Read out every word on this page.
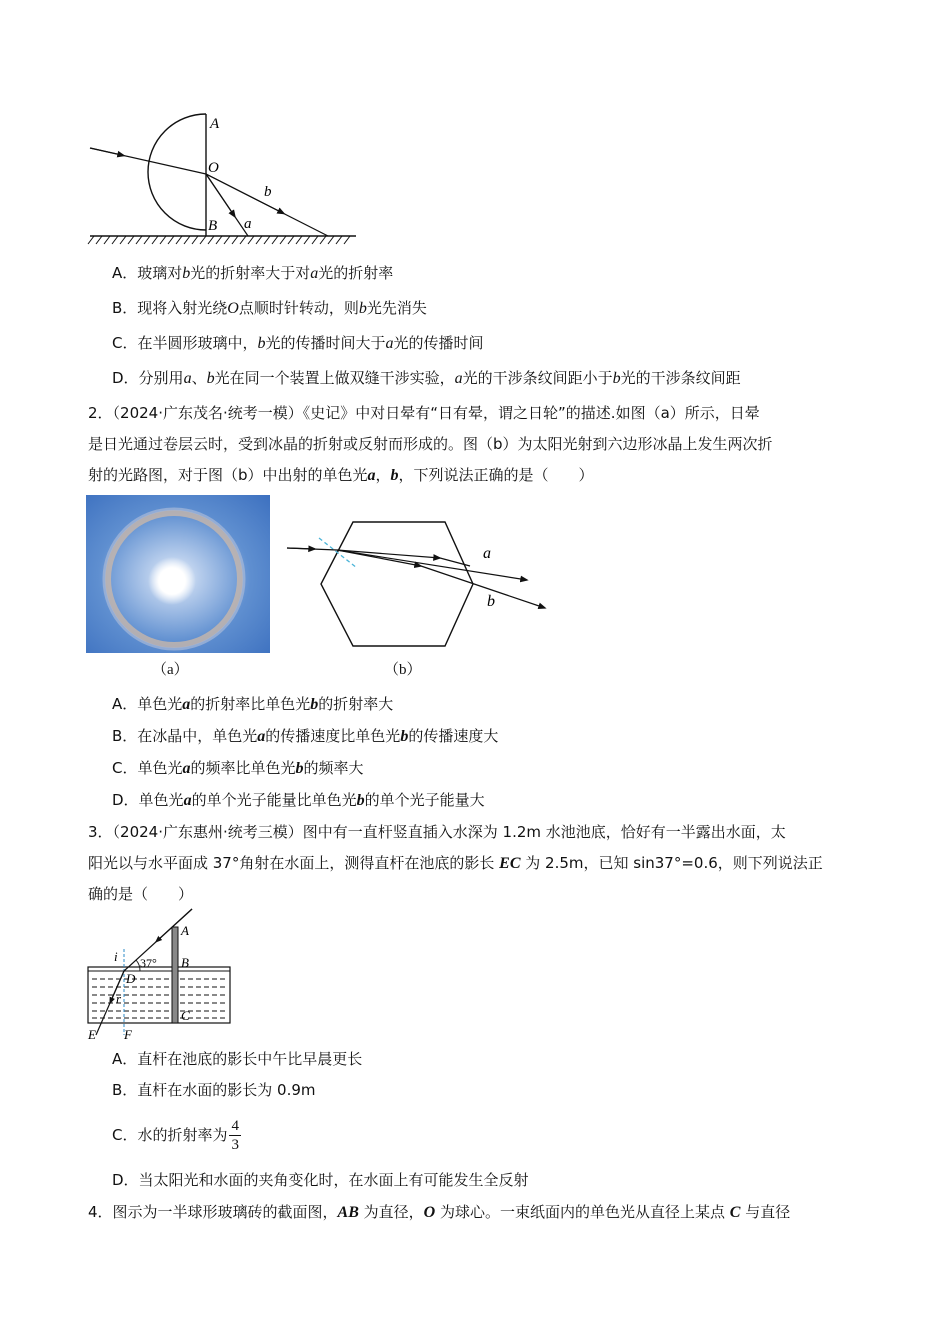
A
O
B a
b
A．玻璃对b光的折射率大于对a光的折射率
B．现将入射光绕O点顺时针转动，则b光先消失
C．在半圆形玻璃中，b光的传播时间大于a光的传播时间
D．分别用a、b光在同一个装置上做双缝干涉实验，a光的干涉条纹间距小于b光的干涉条纹间距
2．（2024·广东茂名·统考一模）《史记》中对日晕有“日有晕，谓之日轮”的描述.如图（a）所示，日晕
是日光通过卷层云时，受到冰晶的折射或反射而形成的。图（b）为太阳光射到六边形冰晶上发生两次折
射的光路图，对于图（b）中出射的单色光a，b，下列说法正确的是（　　）
（a）
a
b
（b）
A．单色光a的折射率比单色光b的折射率大
B．在冰晶中，单色光a的传播速度比单色光b的传播速度大
C．单色光a的频率比单色光b的频率大
D．单色光a的单个光子能量比单色光b的单个光子能量大
3．（2024·广东惠州·统考三模）图中有一直杆竖直插入水深为 1.2m 水池池底，恰好有一半露出水面，太
阳光以与水平面成 37°角射在水面上，测得直杆在池底的影长 EC 为 2.5m，已知 sin37°=0.6，则下列说法正
确的是（　　）
A
B
C
D
E F
i
r
37°
A．直杆在池底的影长中午比早晨更长
B．直杆在水面的影长为 0.9m
C．水的折射率为 $\frac{4}{3}$
D．当太阳光和水面的夹角变化时，在水面上有可能发生全反射
4．图示为一半球形玻璃砖的截面图，AB 为直径，O 为球心。一束纸面内的单色光从直径上某点 C 与直径
